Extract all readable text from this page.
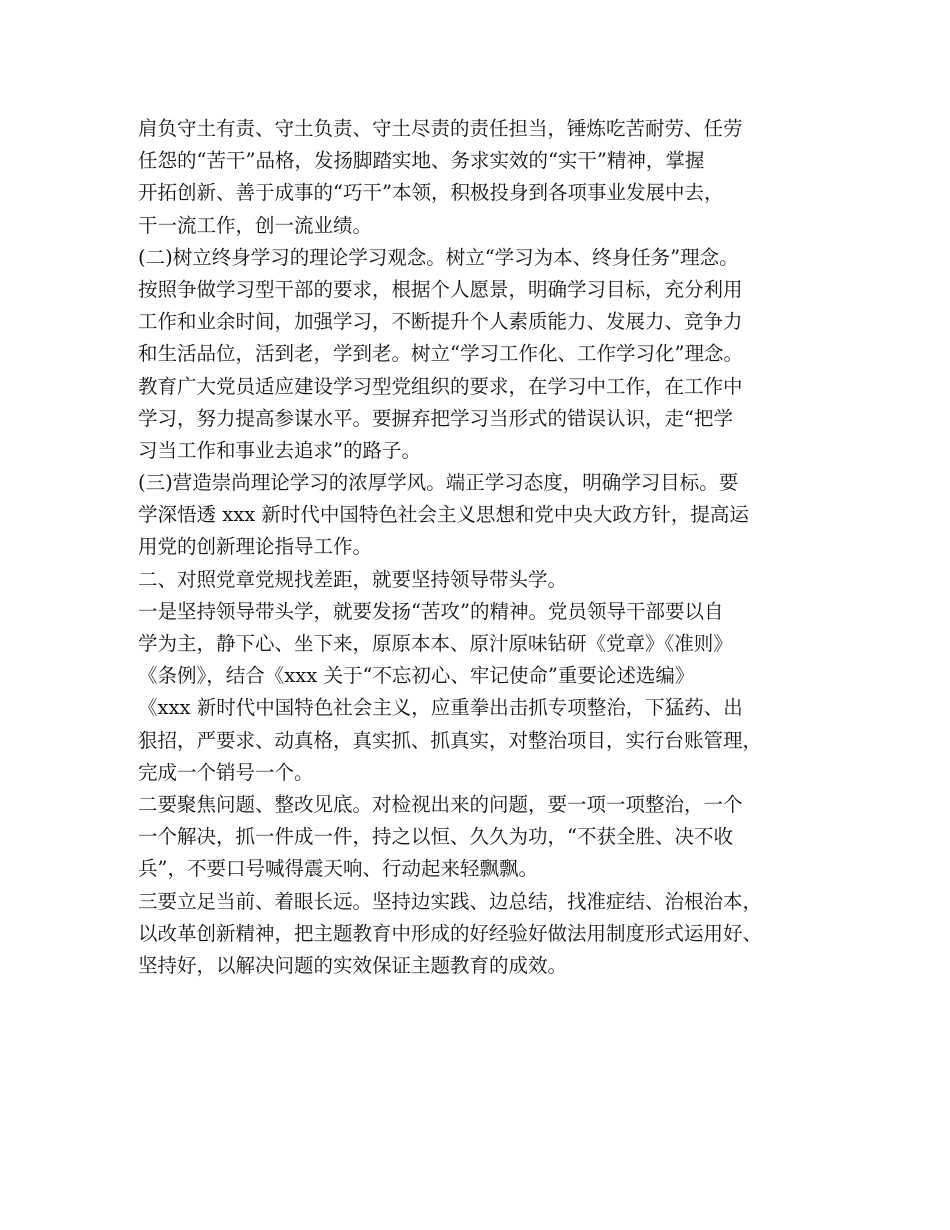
肩负守土有责、守土负责、守土尽责的责任担当，锤炼吃苦耐劳、任劳
任怨的“苦干”品格，发扬脚踏实地、务求实效的“实干”精神，掌握
开拓创新、善于成事的“巧干”本领，积极投身到各项事业发展中去，
干一流工作，创一流业绩。
(二)树立终身学习的理论学习观念。树立“学习为本、终身任务”理念。
按照争做学习型干部的要求，根据个人愿景，明确学习目标，充分利用
工作和业余时间，加强学习，不断提升个人素质能力、发展力、竞争力
和生活品位，活到老，学到老。树立“学习工作化、工作学习化”理念。
教育广大党员适应建设学习型党组织的要求，在学习中工作，在工作中
学习，努力提高参谋水平。要摒弃把学习当形式的错误认识，走“把学
习当工作和事业去追求”的路子。
(三)营造崇尚理论学习的浓厚学风。端正学习态度，明确学习目标。要
学深悟透 xxx 新时代中国特色社会主义思想和党中央大政方针，提高运
用党的创新理论指导工作。
二、对照党章党规找差距，就要坚持领导带头学。
一是坚持领导带头学，就要发扬“苦攻”的精神。党员领导干部要以自
学为主，静下心、坐下来，原原本本、原汁原味钻研《党章》《准则》
《条例》，结合《xxx 关于“不忘初心、牢记使命”重要论述选编》
《xxx 新时代中国特色社会主义，应重拳出击抓专项整治，下猛药、出
狠招，严要求、动真格，真实抓、抓真实，对整治项目，实行台账管理，
完成一个销号一个。
二要聚焦问题、整改见底。对检视出来的问题，要一项一项整治，一个
一个解决，抓一件成一件，持之以恒、久久为功，“不获全胜、决不收
兵”，不要口号喊得震天响、行动起来轻飘飘。
三要立足当前、着眼长远。坚持边实践、边总结，找准症结、治根治本，
以改革创新精神，把主题教育中形成的好经验好做法用制度形式运用好、
坚持好，以解决问题的实效保证主题教育的成效。
